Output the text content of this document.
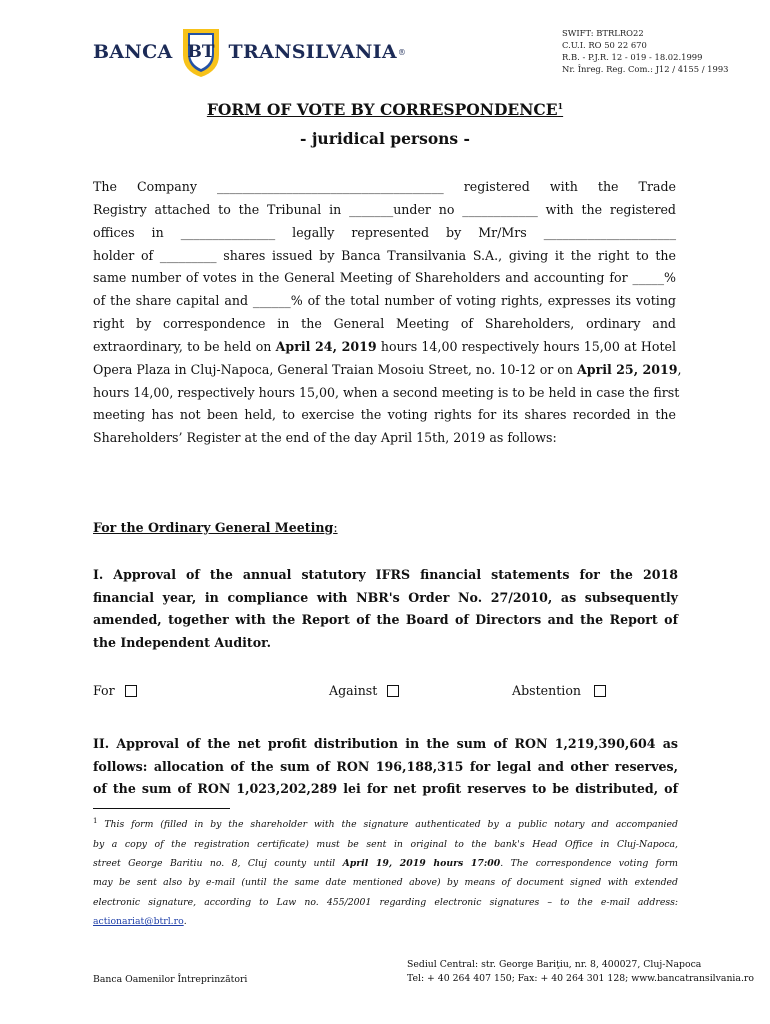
BANCA BT TRANSILVANIA ®
SWIFT: BTRLRO22
C.U.I. RO 50 22 670
R.B. - P.J.R. 12 - 019 - 18.02.1999
Nr. Înreg. Reg. Com.: J12 / 4155 / 1993
FORM OF VOTE BY CORRESPONDENCE$^1$
- juridical persons -
The Company ____________________________________ registered with the Trade
Registry attached to the Tribunal in _______under no ____________ with the registered
offices in _______________ legally represented by Mr/Mrs _____________________
holder of _________ shares issued by Banca Transilvania S.A., giving it the right to the
same number of votes in the General Meeting of Shareholders and accounting for _____%
of the share capital and ______% of the total number of voting rights, expresses its voting
right by correspondence in the General Meeting of Shareholders, ordinary and
extraordinary, to be held on April 24, 2019 hours 14,00 respectively hours 15,00 at Hotel
Opera Plaza in Cluj-Napoca, General Traian Mosoiu Street, no. 10-12 or on April 25, 2019,
hours 14,00, respectively hours 15,00, when a second meeting is to be held in case the first
meeting has not been held, to exercise the voting rights for its shares recorded in the
Shareholders’ Register at the end of the day April 15th, 2019 as follows:
For the Ordinary General Meeting:
I. Approval of the annual statutory IFRS financial statements for the 2018
financial year, in compliance with NBR's Order No. 27/2010, as subsequently
amended, together with the Report of the Board of Directors and the Report of
the Independent Auditor.
For	Against	Abstention
II. Approval of the net profit distribution in the sum of RON 1,219,390,604 as
follows: allocation of the sum of RON 196,188,315 for legal and other reserves,
of the sum of RON 1,023,202,289 lei for net profit reserves to be distributed, of
$^1$ This form (filled in by the shareholder with the signature authenticated by a public notary and accompanied
by a copy of the registration certificate) must be sent in original to the bank's Head Office in Cluj-Napoca,
street George Baritiu no. 8, Cluj county until April 19, 2019 hours 17:00. The correspondence voting form
may be sent also by e-mail (until the same date mentioned above) by means of document signed with extended
electronic signature, according to Law no. 455/2001 regarding electronic signatures – to the e-mail address:
actionariat@btrl.ro.
Banca Oamenilor Întreprinzători
Sediul Central: str. George Bariţiu, nr. 8, 400027, Cluj-Napoca
Tel: + 40 264 407 150; Fax: + 40 264 301 128; www.bancatransilvania.ro
